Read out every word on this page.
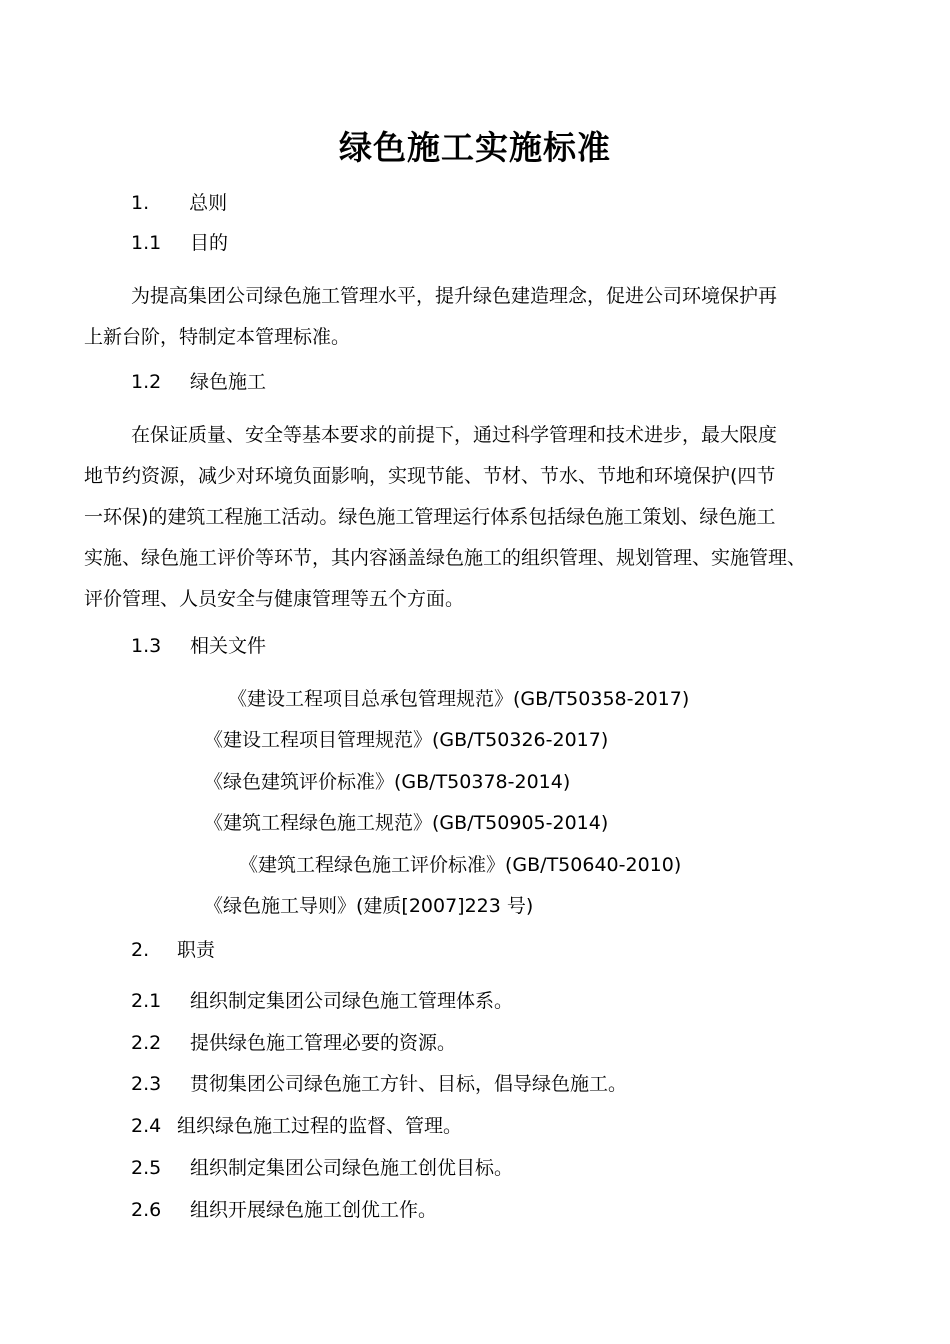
绿色施工实施标准
1. 总则
1.1 目的
为提高集团公司绿色施工管理水平，提升绿色建造理念，促进公司环境保护再
上新台阶，特制定本管理标准。
1.2 绿色施工
在保证质量、安全等基本要求的前提下，通过科学管理和技术进步，最大限度
地节约资源，减少对环境负面影响，实现节能、节材、节水、节地和环境保护(四节
一环保)的建筑工程施工活动。绿色施工管理运行体系包括绿色施工策划、绿色施工
实施、绿色施工评价等环节，其内容涵盖绿色施工的组织管理、规划管理、实施管理、
评价管理、人员安全与健康管理等五个方面。
1.3 相关文件
《建设工程项目总承包管理规范》(GB/T50358-2017)
《建设工程项目管理规范》(GB/T50326-2017)
《绿色建筑评价标准》(GB/T50378-2014)
《建筑工程绿色施工规范》(GB/T50905-2014)
《建筑工程绿色施工评价标准》(GB/T50640-2010)
《绿色施工导则》(建质[2007]223 号)
2. 职责
2.1 组织制定集团公司绿色施工管理体系。
2.2 提供绿色施工管理必要的资源。
2.3 贯彻集团公司绿色施工方针、目标，倡导绿色施工。
2.4 组织绿色施工过程的监督、管理。
2.5 组织制定集团公司绿色施工创优目标。
2.6 组织开展绿色施工创优工作。
